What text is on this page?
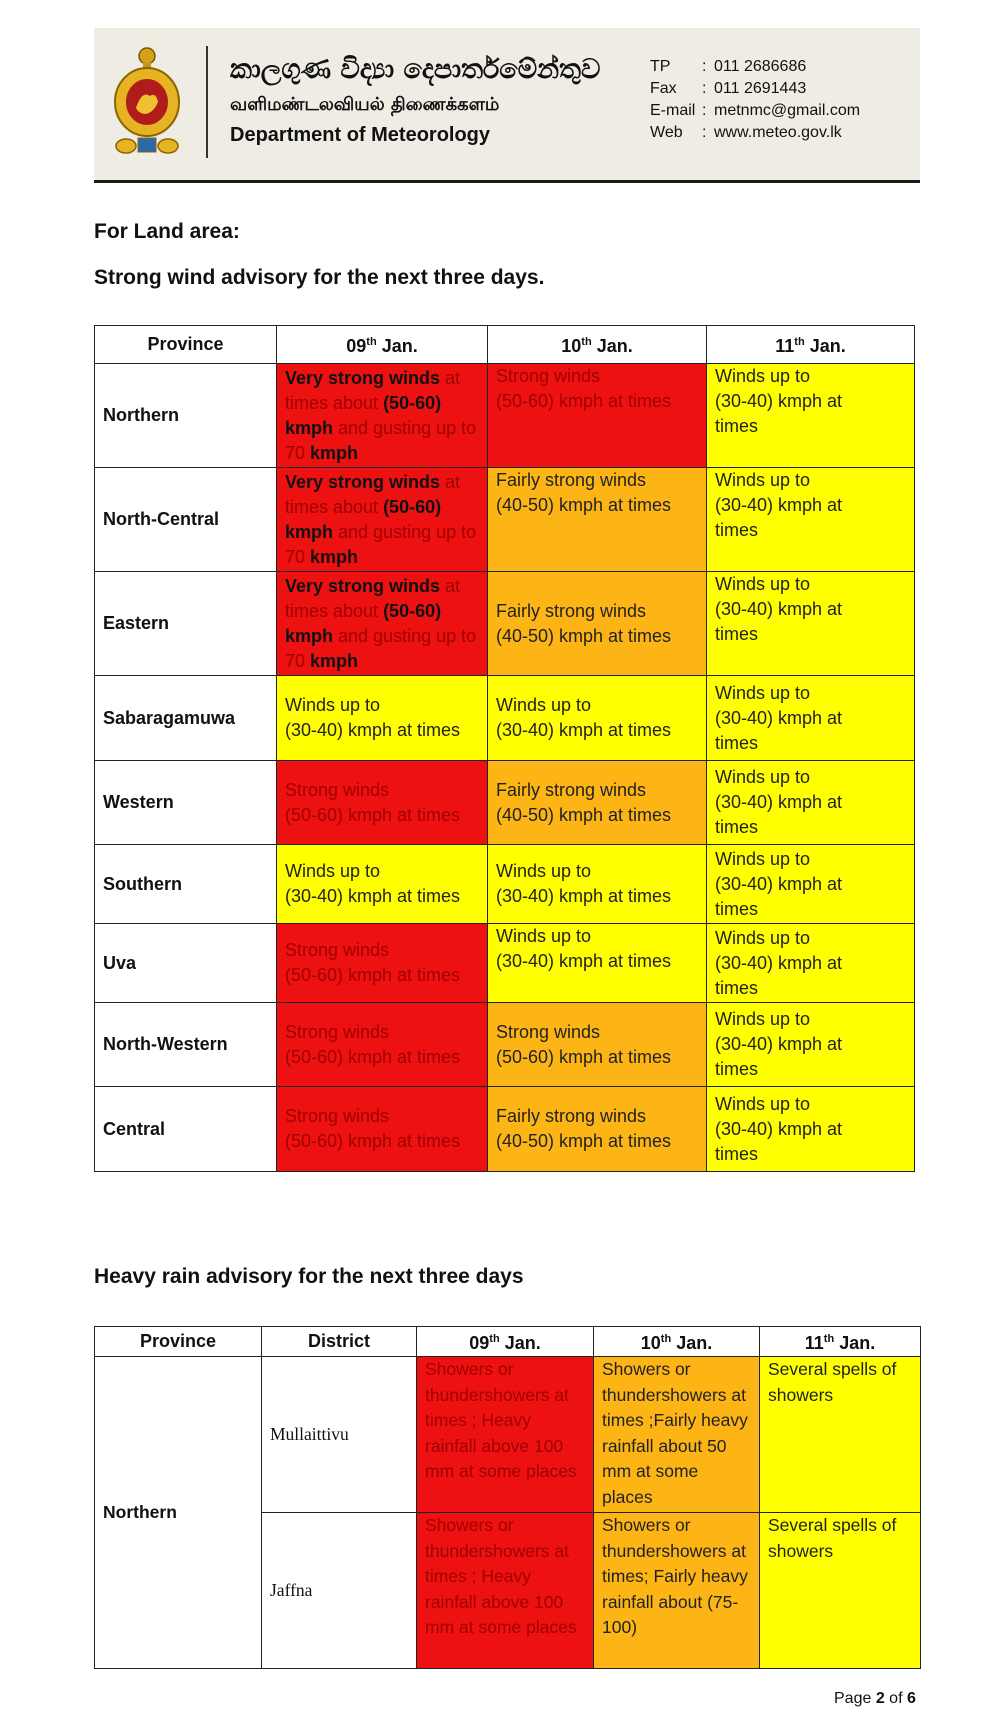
කාලගුණ විද්‍යා දෙපාර්තමේන්තුව
வளிமண்டலவியல் திணைக்களம்
Department of Meteorology
TP	: 011 2686686
Fax	: 011 2691443
E-mail : metnmc@gmail.com
Web	: www.meteo.gov.lk
For Land area:
Strong wind advisory for the next three days.
Province	09th Jan.	10th Jan.	11th Jan.
Northern	Very strong winds at times about (50-60) kmph and gusting up to 70 kmph	Strong winds
(50-60) kmph at times	Winds up to
(30-40) kmph at
times
North-Central	Very strong winds at times about (50-60) kmph and gusting up to 70 kmph	Fairly strong winds
(40-50) kmph at times	Winds up to
(30-40) kmph at
times
Eastern	Very strong winds at times about (50-60) kmph and gusting up to 70 kmph	Fairly strong winds
(40-50) kmph at times	Winds up to
(30-40) kmph at
times
Sabaragamuwa	Winds up to
(30-40) kmph at times	Winds up to
(30-40) kmph at times	Winds up to
(30-40) kmph at
times
Western	Strong winds
(50-60) kmph at times	Fairly strong winds
(40-50) kmph at times	Winds up to
(30-40) kmph at
times
Southern	Winds up to
(30-40) kmph at times	Winds up to
(30-40) kmph at times	Winds up to
(30-40) kmph at
times
Uva	Strong winds
(50-60) kmph at times	Winds up to
(30-40) kmph at times	Winds up to
(30-40) kmph at
times
North-Western	Strong winds
(50-60) kmph at times	Strong winds
(50-60) kmph at times	Winds up to
(30-40) kmph at
times
Central	Strong winds
(50-60) kmph at times	Fairly strong winds
(40-50) kmph at times	Winds up to
(30-40) kmph at
times
Heavy rain advisory for the next three days
Province	District	09th Jan.	10th Jan.	11th Jan.
Northern	Mullaittivu	Showers or thundershowers at times ; Heavy rainfall above 100 mm at some places	Showers or thundershowers at times ;Fairly heavy rainfall about 50 mm at some places	Several spells of showers
	Jaffna	Showers or thundershowers at times ; Heavy rainfall above 100 mm at some places	Showers or thundershowers at times; Fairly heavy rainfall about (75- 100)	Several spells of showers
Page 2 of 6
